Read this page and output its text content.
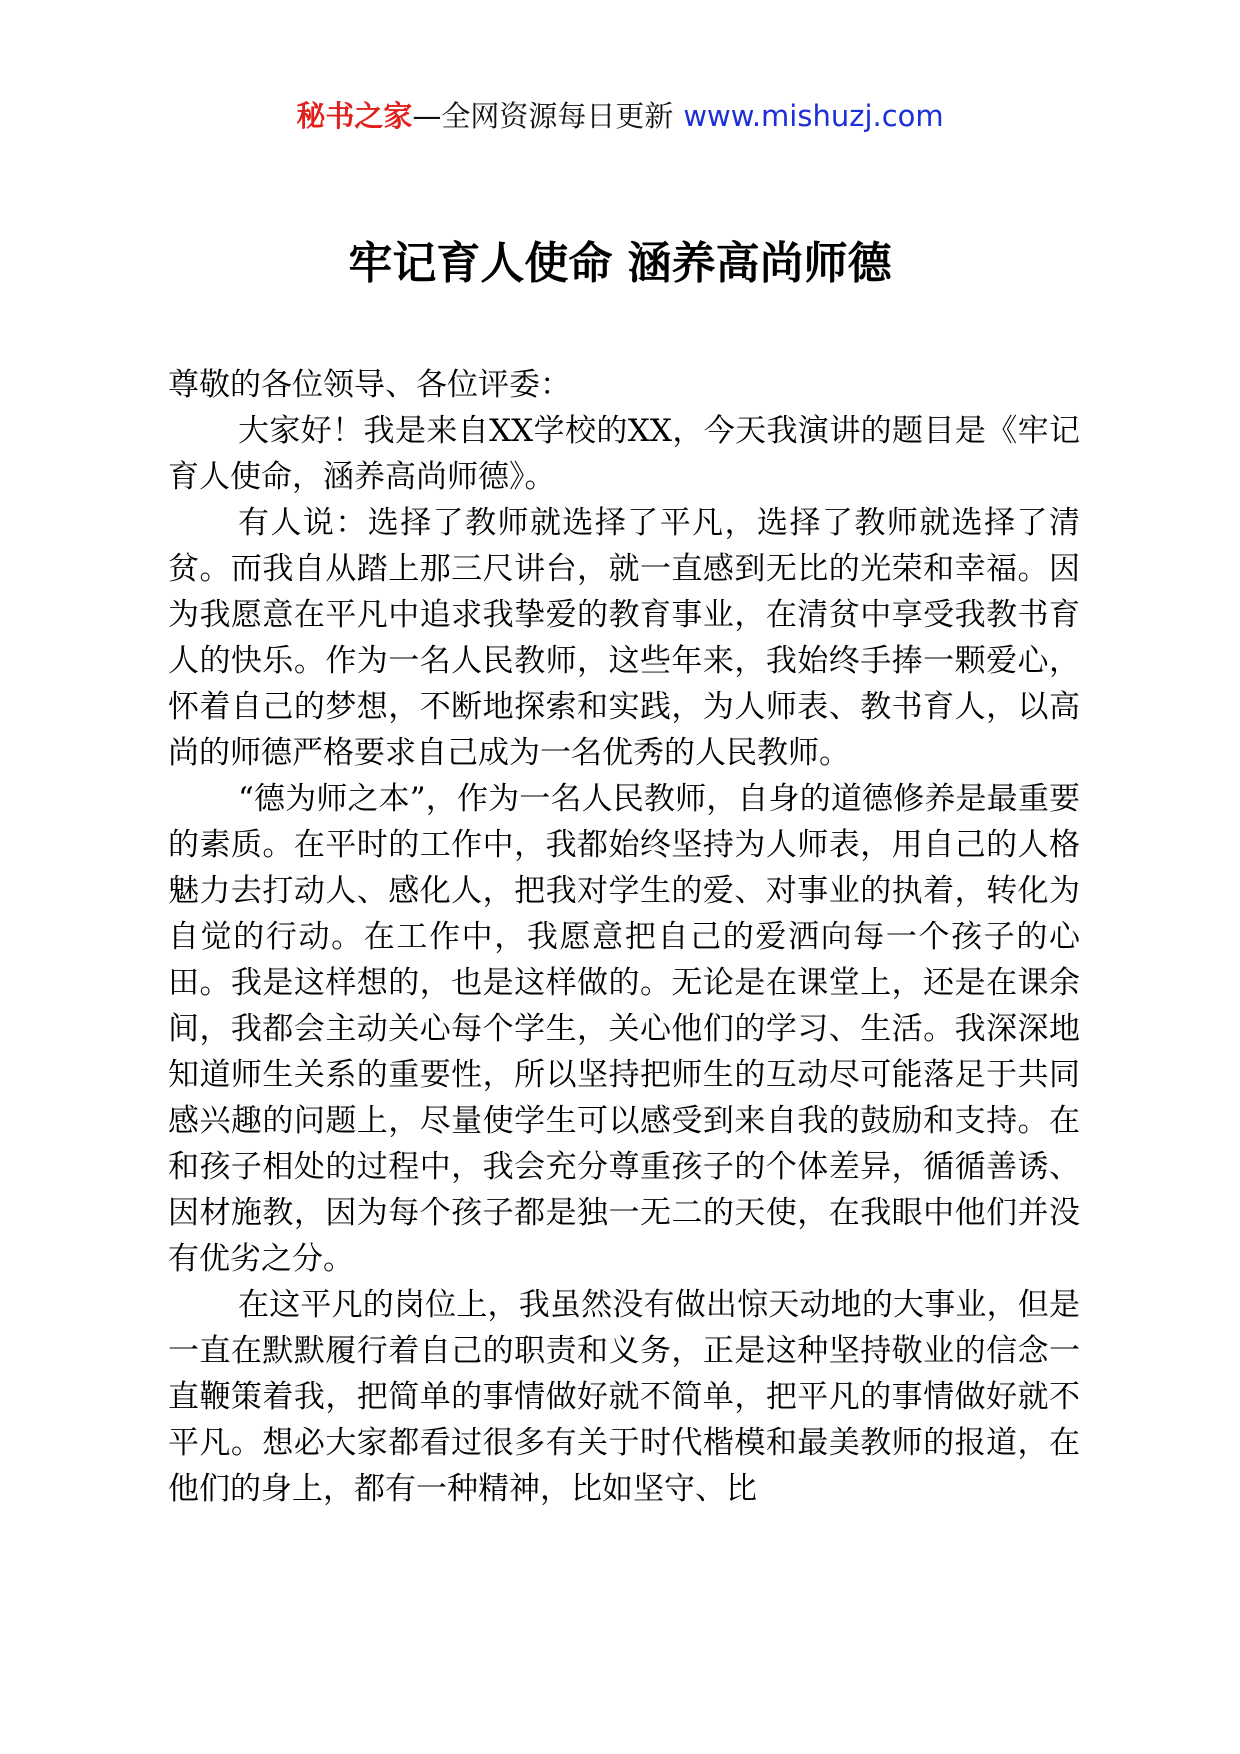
秘书之家—全网资源每日更新 www.mishuzj.com
牢记育人使命 涵养高尚师德

尊敬的各位领导、各位评委：

大家好！我是来自XX学校的XX，今天我演讲的题目是《牢记育人使命，涵养高尚师德》。

有人说：选择了教师就选择了平凡，选择了教师就选择了清贫。而我自从踏上那三尺讲台，就一直感到无比的光荣和幸福。因为我愿意在平凡中追求我挚爱的教育事业，在清贫中享受我教书育人的快乐。作为一名人民教师，这些年来，我始终手捧一颗爱心，怀着自己的梦想，不断地探索和实践，为人师表、教书育人，以高尚的师德严格要求自己成为一名优秀的人民教师。

“德为师之本”，作为一名人民教师，自身的道德修养是最重要的素质。在平时的工作中，我都始终坚持为人师表，用自己的人格魅力去打动人、感化人，把我对学生的爱、对事业的执着，转化为自觉的行动。在工作中，我愿意把自己的爱洒向每一个孩子的心田。我是这样想的，也是这样做的。无论是在课堂上，还是在课余间，我都会主动关心每个学生，关心他们的学习、生活。我深深地知道师生关系的重要性，所以坚持把师生的互动尽可能落足于共同感兴趣的问题上，尽量使学生可以感受到来自我的鼓励和支持。在和孩子相处的过程中，我会充分尊重孩子的个体差异，循循善诱、因材施教，因为每个孩子都是独一无二的天使，在我眼中他们并没有优劣之分。

在这平凡的岗位上，我虽然没有做出惊天动地的大事业，但是一直在默默履行着自己的职责和义务，正是这种坚持敬业的信念一直鞭策着我，把简单的事情做好就不简单，把平凡的事情做好就不平凡。想必大家都看过很多有关于时代楷模和最美教师的报道，在他们的身上，都有一种精神，比如坚守、比
